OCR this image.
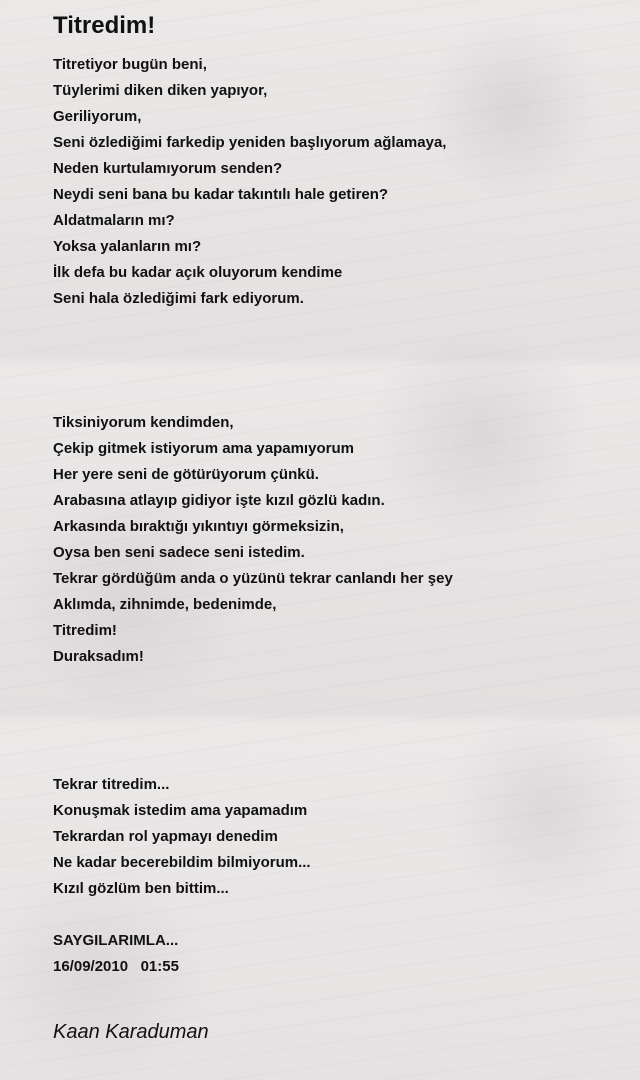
Titredim!
Titretiyor bugün beni,
Tüylerimi diken diken yapıyor,
Geriliyorum,
Seni özlediğimi farkedip yeniden başlıyorum ağlamaya,
Neden kurtulamıyorum senden?
Neydi seni bana bu kadar takıntılı hale getiren?
Aldatmaların mı?
Yoksa yalanların mı?
İlk defa bu kadar açık oluyorum kendime
Seni hala özlediğimi fark ediyorum.
Tiksiniyorum kendimden,
Çekip gitmek istiyorum ama yapamıyorum
Her yere seni de götürüyorum çünkü.
Arabasına atlayıp gidiyor işte kızıl gözlü kadın.
Arkasında bıraktığı yıkıntıyı görmeksizin,
Oysa ben seni sadece seni istedim.
Tekrar gördüğüm anda o yüzünü tekrar canlandı her şey
Aklımda, zihnimde, bedenimde,
Titredim!
Duraksadım!
Tekrar titredim...
Konuşmak istedim ama yapamadım
Tekrardan rol yapmayı denedim
Ne kadar becerebildim bilmiyorum...
Kızıl gözlüm ben bittim...
SAYGILARIMLA...
16/09/2010   01:55
Kaan Karaduman
